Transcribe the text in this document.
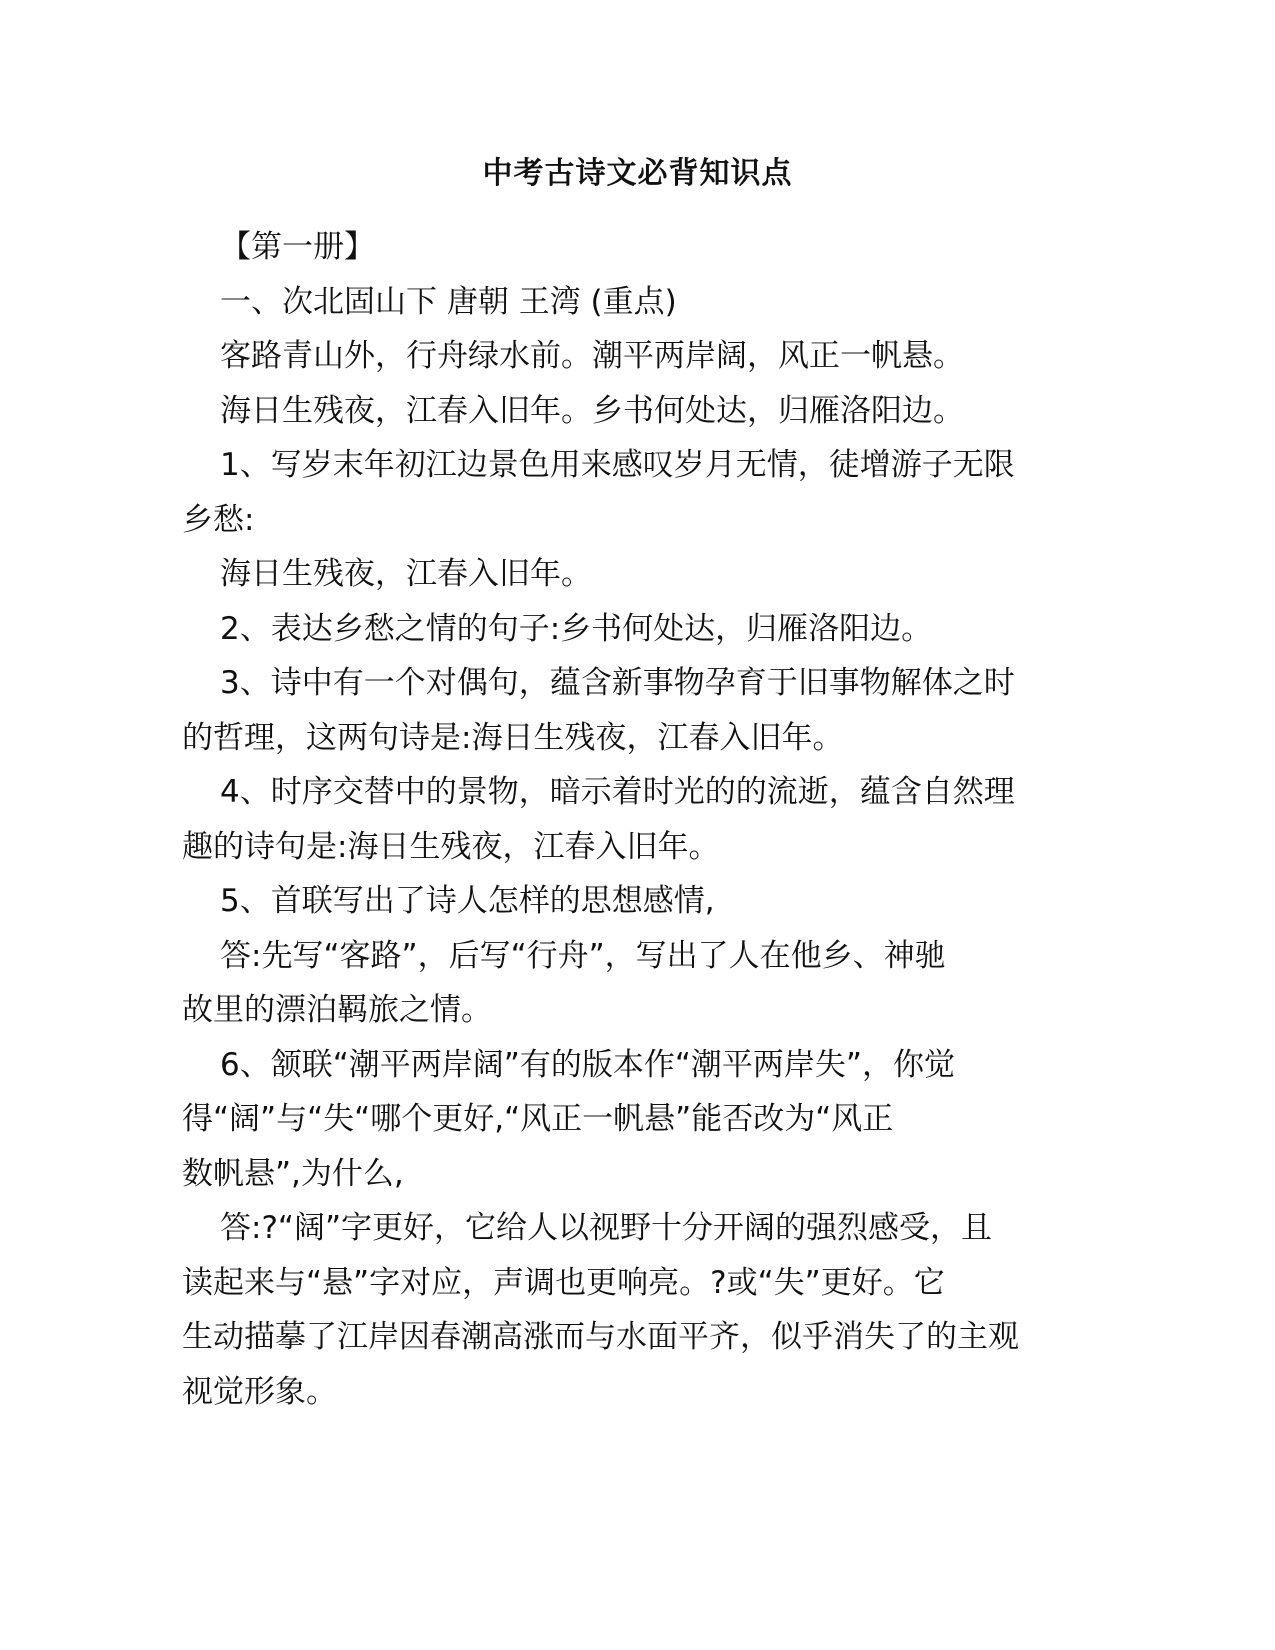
中考古诗文必背知识点

【第一册】

一、次北固山下 唐朝 王湾 (重点)

客路青山外，行舟绿水前。潮平两岸阔，风正一帆悬。

海日生残夜，江春入旧年。乡书何处达，归雁洛阳边。

1、写岁末年初江边景色用来感叹岁月无情，徒增游子无限

乡愁:

海日生残夜，江春入旧年。

2、表达乡愁之情的句子:乡书何处达，归雁洛阳边。

3、诗中有一个对偶句，蕴含新事物孕育于旧事物解体之时

的哲理，这两句诗是:海日生残夜，江春入旧年。

4、时序交替中的景物，暗示着时光的的流逝，蕴含自然理

趣的诗句是:海日生残夜，江春入旧年。

5、首联写出了诗人怎样的思想感情,

答:先写“客路”，后写“行舟”，写出了人在他乡、神驰

故里的漂泊羁旅之情。

6、颔联“潮平两岸阔”有的版本作“潮平两岸失”，你觉

得“阔”与“失“哪个更好,“风正一帆悬”能否改为“风正

数帆悬”,为什么,

答:?“阔”字更好，它给人以视野十分开阔的强烈感受，且

读起来与“悬”字对应，声调也更响亮。?或“失”更好。它

生动描摹了江岸因春潮高涨而与水面平齐，似乎消失了的主观

视觉形象。
